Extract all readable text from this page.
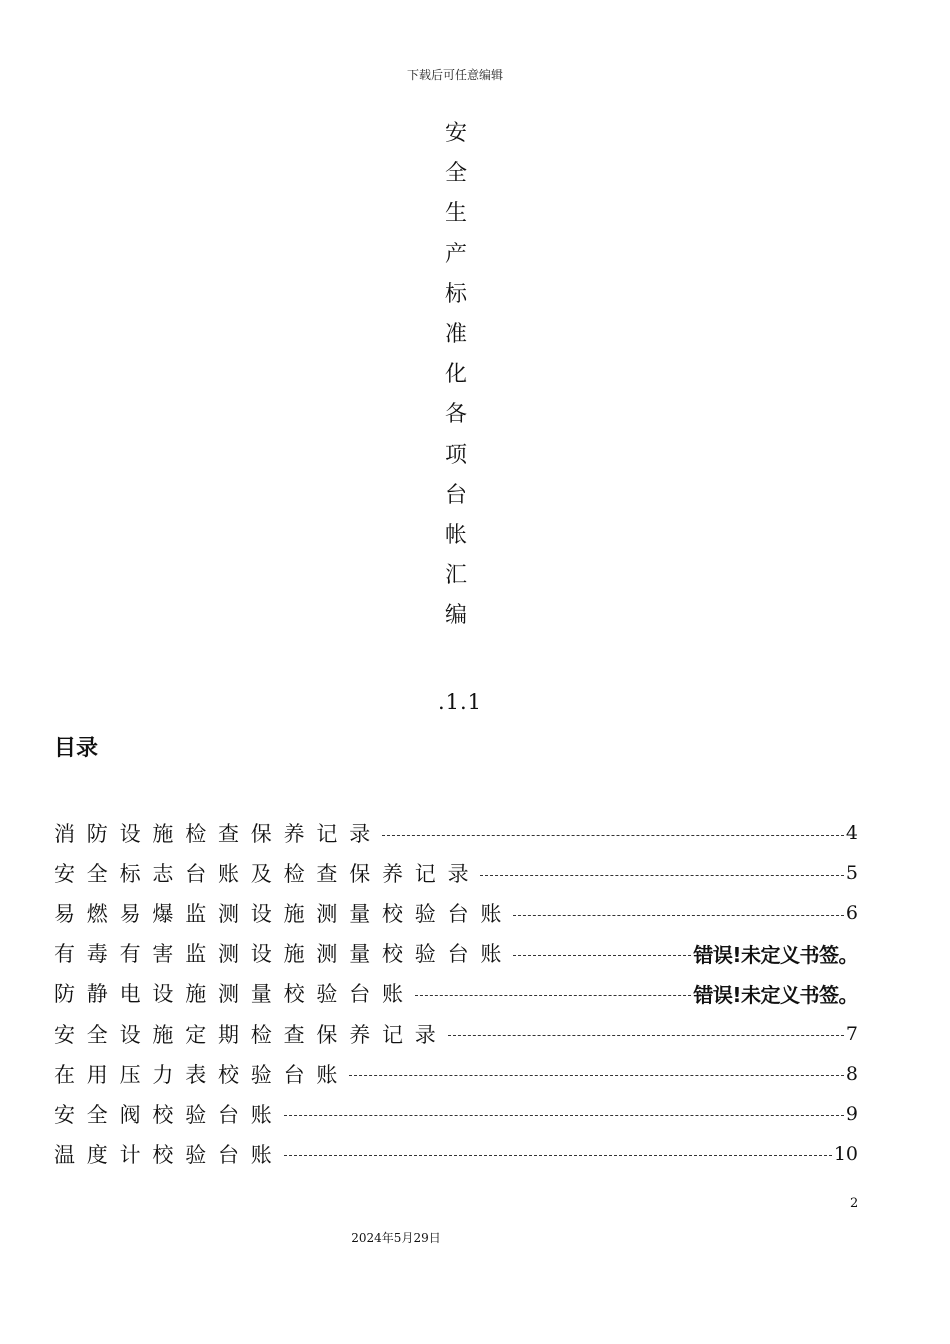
下载后可任意编辑
安
全
生
产
标
准
化
各
项
台
帐
汇
编
.1.1
目录
消防设施检查保养记录	4
安全标志台账及检查保养记录	5
易燃易爆监测设施测量校验台账	6
有毒有害监测设施测量校验台账	错误!未定义书签。
防静电设施测量校验台账	错误!未定义书签。
安全设施定期检查保养记录	7
在用压力表校验台账	8
安全阀校验台账	9
温度计校验台账	10
2
2024年5月29日
